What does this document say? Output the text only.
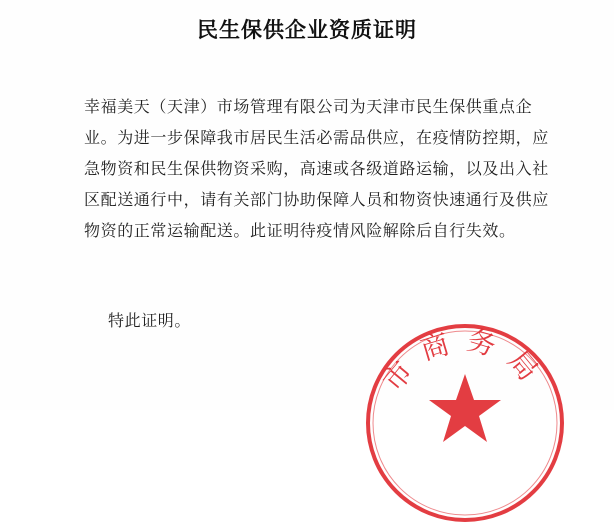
民生保供企业资质证明

幸福美天（天津）市场管理有限公司为天津市民生保供重点企业。为进一步保障我市居民生活必需品供应，在疫情防控期，应急物资和民生保供物资采购，高速或各级道路运输，以及出入社区配送通行中，请有关部门协助保障人员和物资快速通行及供应物资的正常运输配送。此证明待疫情风险解除后自行失效。

特此证明。

市商务局
